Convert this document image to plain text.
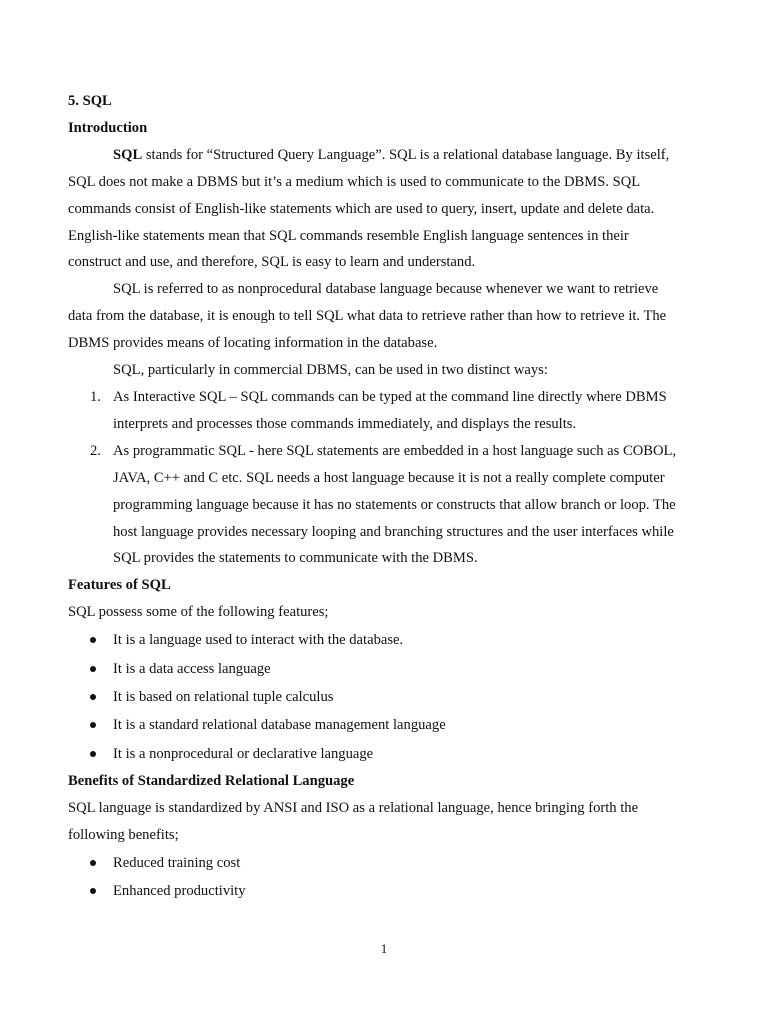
5. SQL
Introduction
SQL stands for “Structured Query Language”. SQL is a relational database language. By itself,
SQL does not make a DBMS but it’s a medium which is used to communicate to the DBMS. SQL
commands consist of English-like statements which are used to query, insert, update and delete data.
English-like statements mean that SQL commands resemble English language sentences in their
construct and use, and therefore, SQL is easy to learn and understand.
SQL is referred to as nonprocedural database language because whenever we want to retrieve
data from the database, it is enough to tell SQL what data to retrieve rather than how to retrieve it. The
DBMS provides means of locating information in the database.
SQL, particularly in commercial DBMS, can be used in two distinct ways:
1. As Interactive SQL – SQL commands can be typed at the command line directly where DBMS
interprets and processes those commands immediately, and displays the results.
2. As programmatic SQL - here SQL statements are embedded in a host language such as COBOL,
JAVA, C++ and C etc. SQL needs a host language because it is not a really complete computer
programming language because it has no statements or constructs that allow branch or loop. The
host language provides necessary looping and branching structures and the user interfaces while
SQL provides the statements to communicate with the DBMS.
Features of SQL
SQL possess some of the following features;
It is a language used to interact with the database.
It is a data access language
It is based on relational tuple calculus
It is a standard relational database management language
It is a nonprocedural or declarative language
Benefits of Standardized Relational Language
SQL language is standardized by ANSI and ISO as a relational language, hence bringing forth the
following benefits;
Reduced training cost
Enhanced productivity
1
